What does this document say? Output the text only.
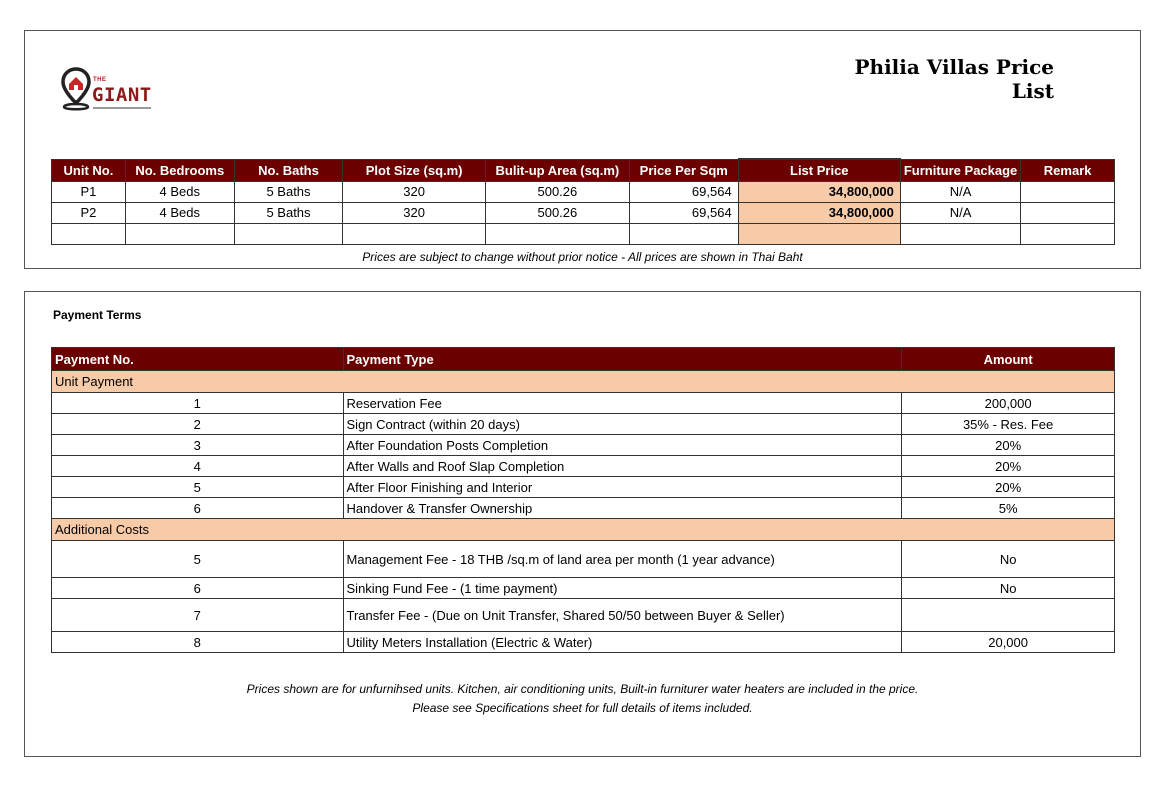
THE
GIANT
Philia Villas Price List
Unit No.	No. Bedrooms	No. Baths	Plot Size (sq.m)	Bulit-up Area (sq.m)	Price Per Sqm	List Price	Furniture Package	Remark
P1	4 Beds	5 Baths	320	500.26	69,564	34,800,000	N/A	
P2	4 Beds	5 Baths	320	500.26	69,564	34,800,000	N/A	

Prices are subject to change without prior notice - All prices are shown in Thai Baht
Payment Terms
Payment No.	Payment Type	Amount
Unit Payment		
1	Reservation Fee	200,000
2	Sign Contract (within 20 days)	35% - Res. Fee
3	After Foundation Posts Completion	20%
4	After Walls and Roof Slap Completion	20%
5	After Floor Finishing and Interior	20%
6	Handover & Transfer Ownership	5%
Additional Costs		
5	Management Fee - 18 THB /sq.m of land area per month (1 year advance)	No
6	Sinking Fund Fee - (1 time payment)	No
7	Transfer Fee - (Due on Unit Transfer, Shared 50/50 between Buyer & Seller)	
8	Utility Meters Installation (Electric & Water)	20,000
Prices shown are for unfurnihsed units. Kitchen, air conditioning units, Built-in furniturer water heaters are included in the price.
Please see Specifications sheet for full details of items included.
